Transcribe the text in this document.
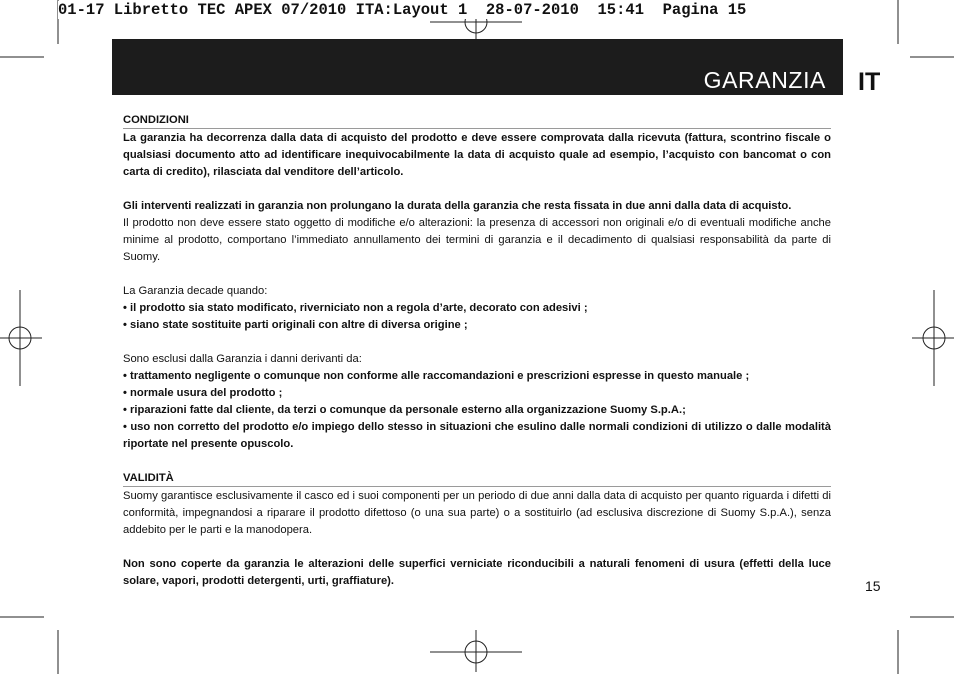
01-17 Libretto TEC APEX 07/2010 ITA:Layout 1  28-07-2010  15:41  Pagina 15
GARANZIA IT
CONDIZIONI

La garanzia ha decorrenza dalla data di acquisto del prodotto e deve essere comprovata dalla ricevuta (fattura, scontrino fiscale o qualsiasi documento atto ad identificare inequivocabilmente la data di acquisto quale ad esempio, l’acquisto con bancomat o con carta di credito), rilasciata dal venditore dell’articolo.

Gli interventi realizzati in garanzia non prolungano la durata della garanzia che resta fissata in due anni dalla data di acquisto.

Il prodotto non deve essere stato oggetto di modifiche e/o alterazioni: la presenza di accessori non originali e/o di eventuali modifiche anche minime al prodotto, comportano l’immediato annullamento dei termini di garanzia e il decadimento di qualsiasi responsabilità da parte di Suomy.

La Garanzia decade quando:

• il prodotto sia stato modificato, riverniciato non a regola d’arte, decorato con adesivi ;

• siano state sostituite parti originali con altre di diversa origine ;

Sono esclusi dalla Garanzia i danni derivanti da:

• trattamento negligente o comunque non conforme alle raccomandazioni e prescrizioni espresse in questo manuale ;

• normale usura del prodotto ;

• riparazioni fatte dal cliente, da terzi o comunque da personale esterno alla organizzazione Suomy S.p.A.;

• uso non corretto del prodotto e/o impiego dello stesso in situazioni che esulino dalle normali condizioni di utilizzo o dalle modalità riportate nel presente opuscolo.

VALIDITÀ

Suomy garantisce esclusivamente il casco ed i suoi componenti per un periodo di due anni dalla data di acquisto per quanto riguarda i difetti di conformità, impegnandosi a riparare il prodotto difettoso (o una sua parte) o a sostituirlo (ad esclusiva discrezione di Suomy S.p.A.), senza addebito per le parti e la manodopera.

Non sono coperte da garanzia le alterazioni delle superfici verniciate riconducibili a naturali fenomeni di usura (effetti della luce solare, vapori, prodotti detergenti, urti, graffiature).	15
